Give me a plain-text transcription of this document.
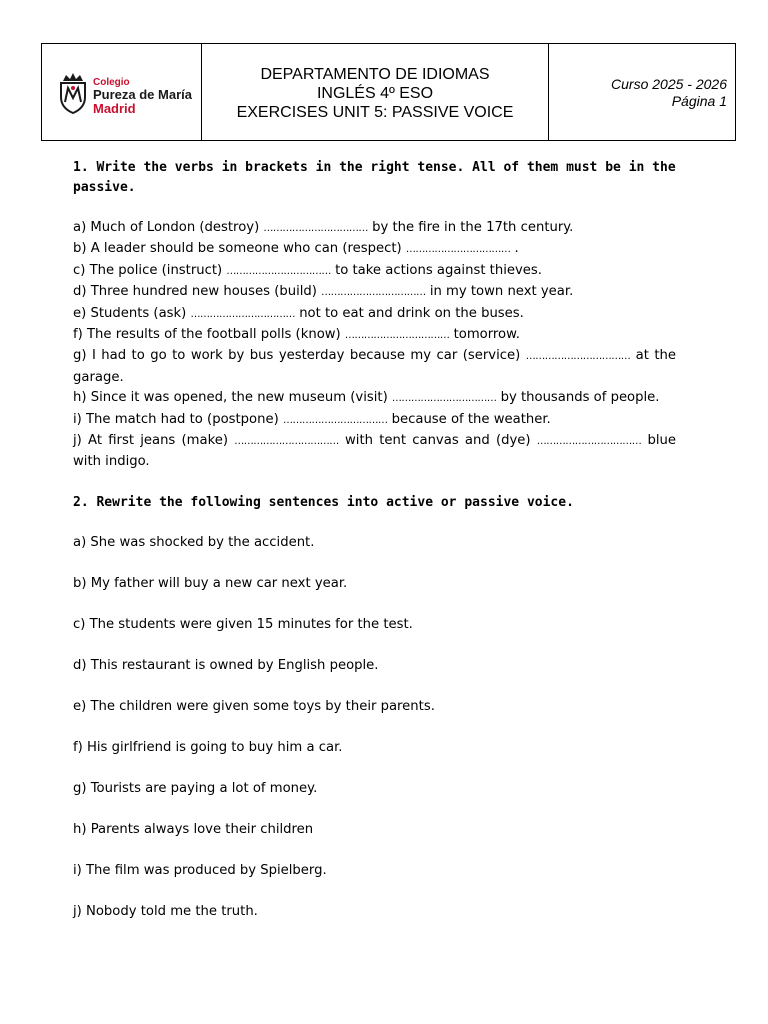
Colegio
Pureza de María
Madrid
DEPARTAMENTO DE IDIOMAS
INGLÉS 4º ESO
EXERCISES UNIT 5: PASSIVE VOICE
Curso 2025 - 2026
Página 1
1. Write the verbs in brackets in the right tense. All of them must be in the passive.
a) Much of London (destroy) …………………………… by the fire in the 17th century.
b) A leader should be someone who can (respect) …………………………… .
c) The police (instruct) …………………………… to take actions against thieves.
d) Three hundred new houses (build) …………………………… in my town next year.
e) Students (ask) …………………………… not to eat and drink on the buses.
f) The results of the football polls (know) …………………………… tomorrow.
g) I had to go to work by bus yesterday because my car (service) …………………………… at the garage.
h) Since it was opened, the new museum (visit) …………………………… by thousands of people.
i) The match had to (postpone) …………………………… because of the weather.
j) At first jeans (make) …………………………… with tent canvas and (dye) …………………………… blue with indigo.
2. Rewrite the following sentences into active or passive voice.
a) She was shocked by the accident.
b) My father will buy a new car next year.
c) The students were given 15 minutes for the test.
d) This restaurant is owned by English people.
e) The children were given some toys by their parents.
f) His girlfriend is going to buy him a car.
g) Tourists are paying a lot of money.
h) Parents always love their children
i) The film was produced by Spielberg.
j) Nobody told me the truth.
